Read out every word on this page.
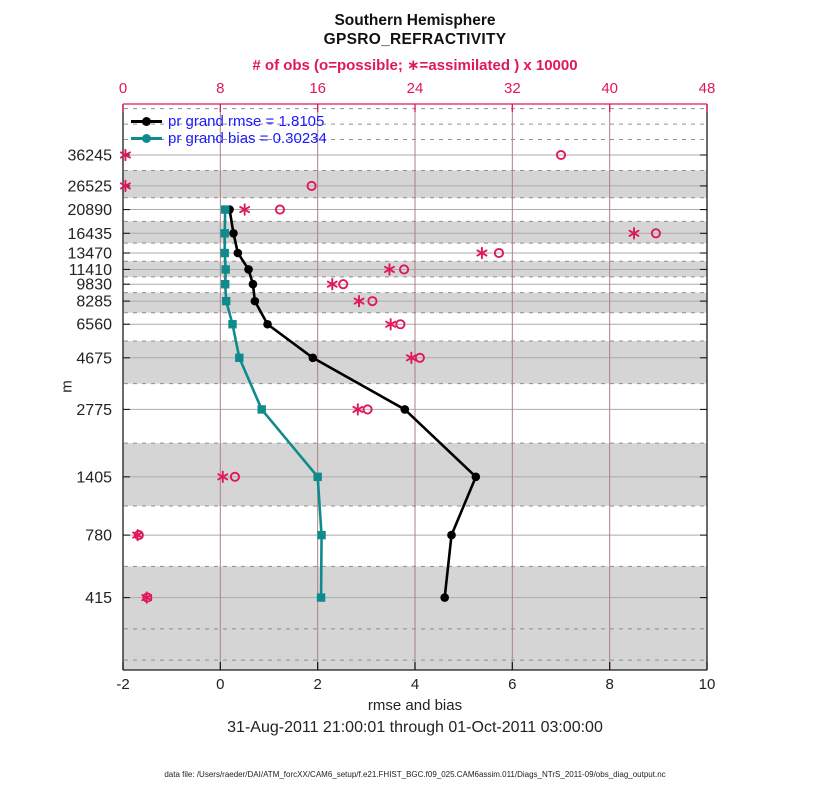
0	8	16	24	32	40	48
-2	0	2	4	6	8	10
36245
26525
20890
16435
13470
11410
9830
8285
6560
4675
2775
1405
780
415
Southern Hemisphere
GPSRO_REFRACTIVITY
# of obs (o=possible; ∗=assimilated ) x 10000
m
rmse and bias
31-Aug-2011 21:00:01 through 01-Oct-2011 03:00:00
data file: /Users/raeder/DAI/ATM_forcXX/CAM6_setup/f.e21.FHIST_BGC.f09_025.CAM6assim.011/Diags_NTrS_2011-09/obs_diag_output.nc
pr grand rmse = 1.8105
pr grand bias = 0.30234
